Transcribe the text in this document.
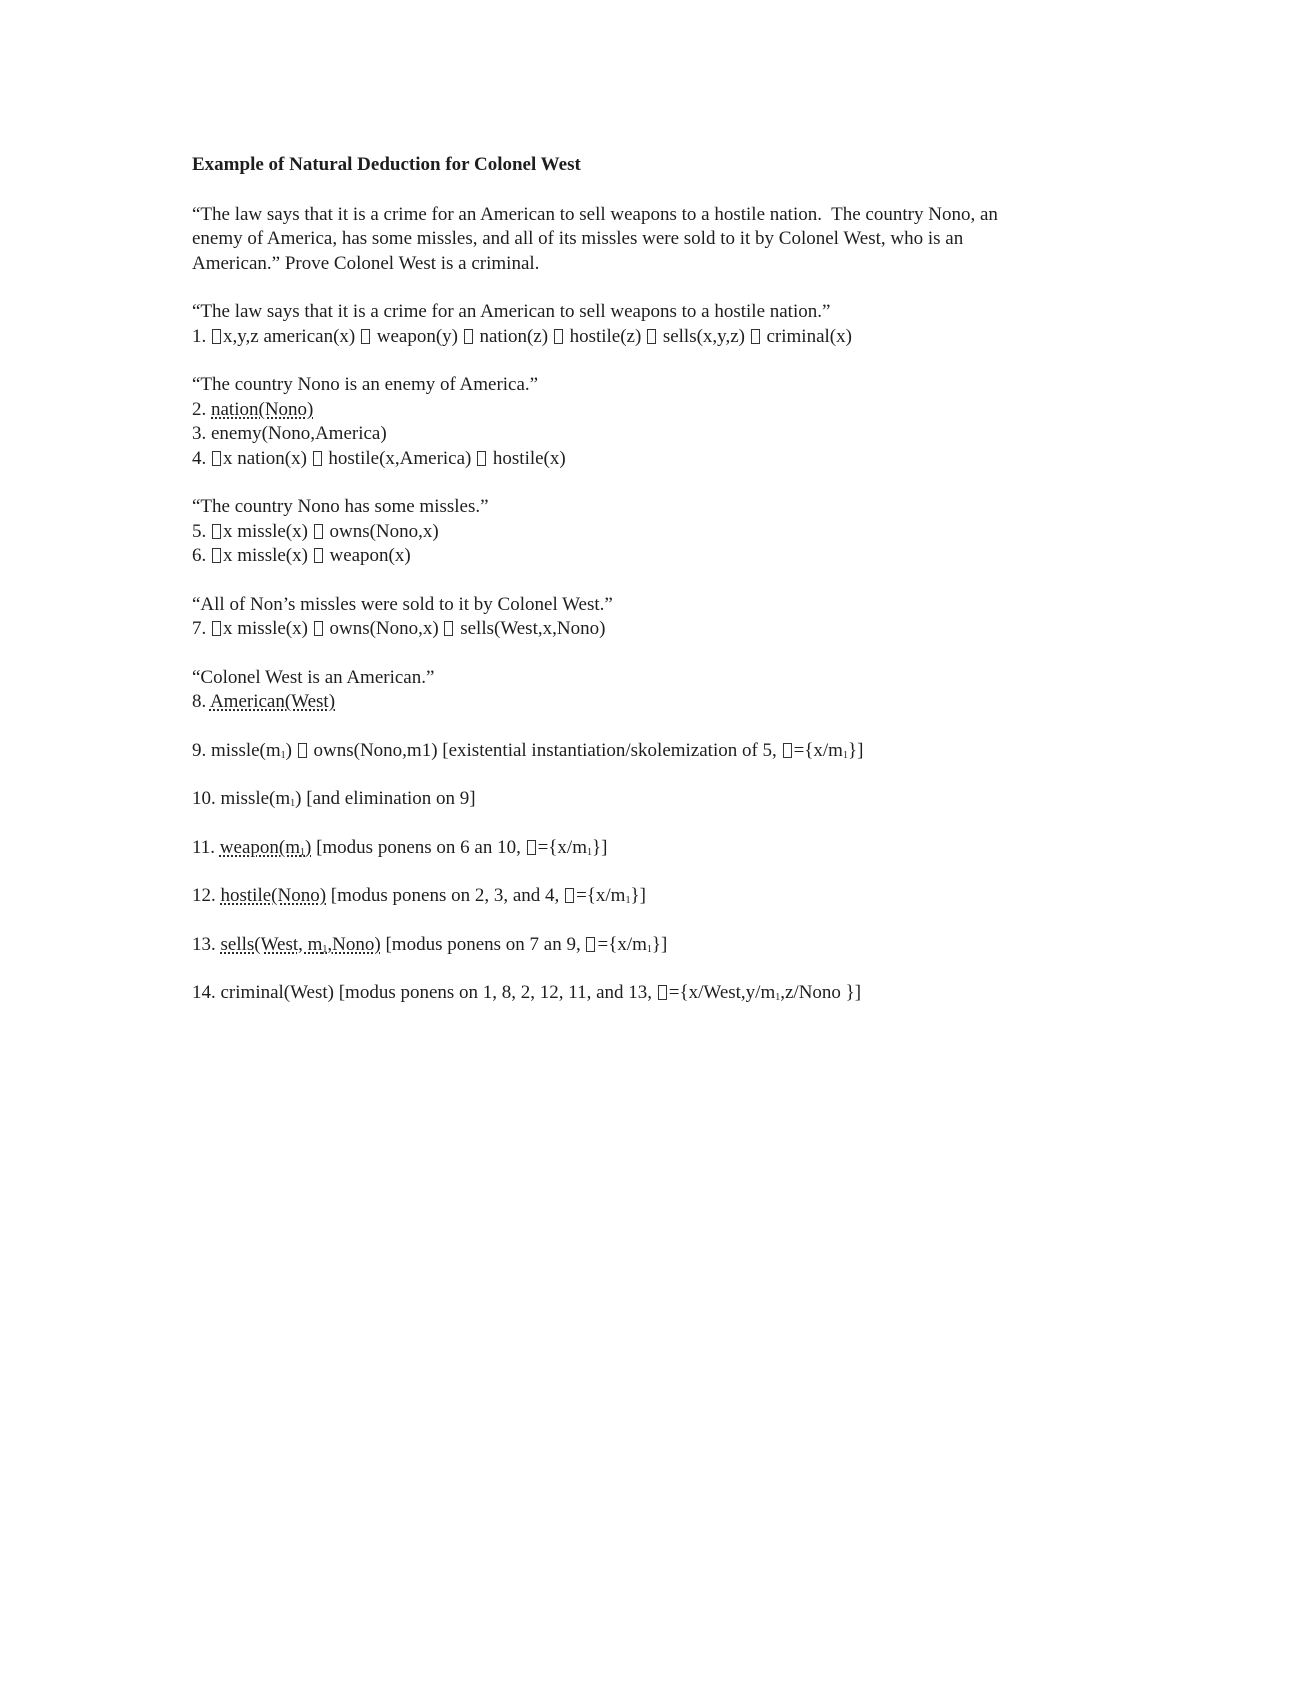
Example of Natural Deduction for Colonel West
“The law says that it is a crime for an American to sell weapons to a hostile nation.  The country Nono, an
enemy of America, has some missles, and all of its missles were sold to it by Colonel West, who is an
American.” Prove Colonel West is a criminal.
“The law says that it is a crime for an American to sell weapons to a hostile nation.”
1. x,y,z american(x)  weapon(y)  nation(z)  hostile(z)  sells(x,y,z)  criminal(x)
“The country Nono is an enemy of America.”
2. nation(Nono)
3. enemy(Nono,America)
4. x nation(x)  hostile(x,America)  hostile(x)
“The country Nono has some missles.”
5. x missle(x)  owns(Nono,x)
6. x missle(x)  weapon(x)
“All of Non’s missles were sold to it by Colonel West.”
7. x missle(x)  owns(Nono,x)  sells(West,x,Nono)
“Colonel West is an American.”
8. American(West)
9. $missle(m_1)$  owns(Nono,m1) [existential instantiation/skolemization of 5, $=\{x/m_1\}$]
10. $missle(m_1)$ [and elimination on 9]
11. $weapon(m_1)$ [modus ponens on 6 an 10, $=\{x/m_1\}$]
12. hostile(Nono) [modus ponens on 2, 3, and 4, $=\{x/m_1\}$]
13. sells(West, $m_1,Nono$) [modus ponens on 7 an 9, $=\{x/m_1\}$]
14. criminal(West) [modus ponens on 1, 8, 2, 12, 11, and 13, $=\{x/West,y/m_1,z$/Nono }]
